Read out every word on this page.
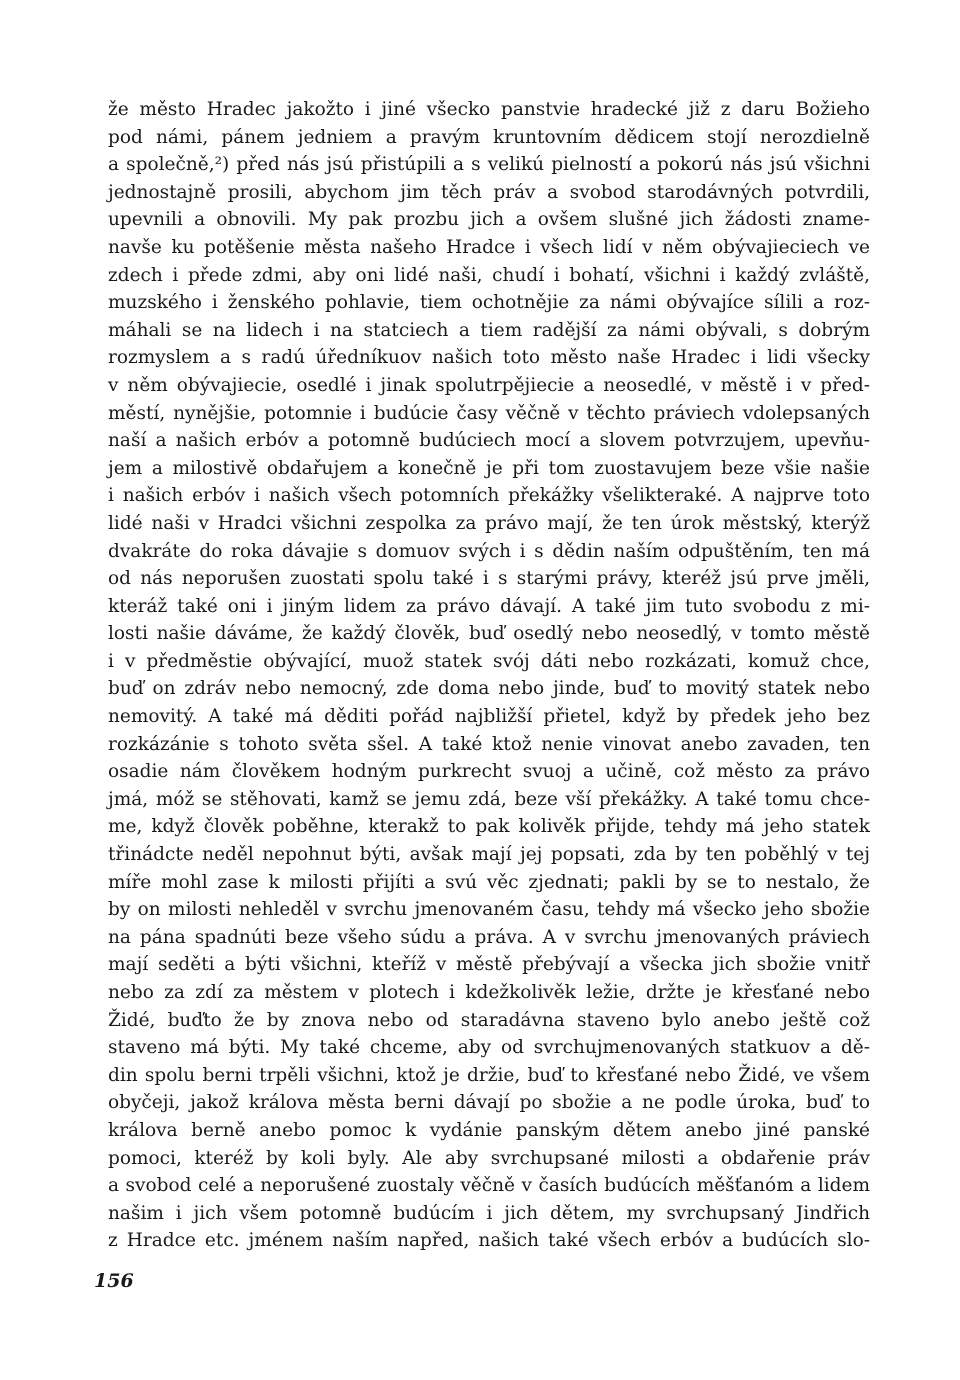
že město Hradec jakožto i jiné všecko panstvie hradecké již z daru Božieho
pod námi, pánem jedniem a pravým kruntovním dědicem stojí nerozdielně
a společně,²) před nás jsú přistúpili a s velikú pielností a pokorú nás jsú všichni
jednostajně prosili, abychom jim těch práv a svobod starodávných potvrdili,
upevnili a obnovili. My pak prozbu jich a ovšem slušné jich žádosti zname-
navše ku potěšenie města našeho Hradce i všech lidí v něm obývajieciech ve
zdech i přede zdmi, aby oni lidé naši, chudí i bohatí, všichni i každý zvláště,
muzského i ženského pohlavie, tiem ochotnějie za námi obývajíce sílili a roz-
máhali se na lidech i na statciech a tiem radější za námi obývali, s dobrým
rozmyslem a s radú úředníkuov našich toto město naše Hradec i lidi všecky
v něm obývajiecie, osedlé i jinak spolutrpějiecie a neosedlé, v městě i v před-
městí, nynějšie, potomnie i budúcie časy věčně v těchto práviech vdolepsaných
naší a našich erbóv a potomně budúciech mocí a slovem potvrzujem, upevňu-
jem a milostivě obdařujem a konečně je při tom zuostavujem beze všie našie
i našich erbóv i našich všech potomních překážky všelikteraké. A najprve toto
lidé naši v Hradci všichni zespolka za právo mají, že ten úrok městský, kterýž
dvakráte do roka dávajie s domuov svých i s dědin naším odpuštěním, ten má
od nás neporušen zuostati spolu také i s starými právy, kteréž jsú prve jměli,
kteráž také oni i jiným lidem za právo dávají. A také jim tuto svobodu z mi-
losti našie dáváme, že každý člověk, buď osedlý nebo neosedlý, v tomto městě
i v předměstie obývající, muož statek svój dáti nebo rozkázati, komuž chce,
buď on zdráv nebo nemocný, zde doma nebo jinde, buď to movitý statek nebo
nemovitý. A také má děditi pořád najbližší přietel, když by předek jeho bez
rozkázánie s tohoto světa sšel. A také ktož nenie vinovat anebo zavaden, ten
osadie nám člověkem hodným purkrecht svuoj a učině, což město za právo
jmá, móž se stěhovati, kamž se jemu zdá, beze vší překážky. A také tomu chce-
me, když člověk poběhne, kterakž to pak kolivěk přijde, tehdy má jeho statek
třinádcte neděl nepohnut býti, avšak mají jej popsati, zda by ten poběhlý v tej
míře mohl zase k milosti přijíti a svú věc zjednati; pakli by se to nestalo, že
by on milosti nehleděl v svrchu jmenovaném času, tehdy má všecko jeho sbožie
na pána spadnúti beze všeho súdu a práva. A v svrchu jmenovaných práviech
mají seděti a býti všichni, kteříž v městě přebývají a všecka jich sbožie vnitř
nebo za zdí za městem v plotech i kdežkolivěk ležie, držte je křesťané nebo
Židé, buďto že by znova nebo od staradávna staveno bylo anebo ještě což
staveno má býti. My také chceme, aby od svrchujmenovaných statkuov a dě-
din spolu berni trpěli všichni, ktož je držie, buď to křesťané nebo Židé, ve všem
obyčeji, jakož králova města berni dávají po sbožie a ne podle úroka, buď to
králova berně anebo pomoc k vydánie panským dětem anebo jiné panské
pomoci, kteréž by koli byly. Ale aby svrchupsané milosti a obdařenie práv
a svobod celé a neporušené zuostaly věčně v časích budúcích měšťanóm a lidem
našim i jich všem potomně budúcím i jich dětem, my svrchupsaný Jindřich
z Hradce etc. jménem naším napřed, našich také všech erbóv a budúcích slo-
156
